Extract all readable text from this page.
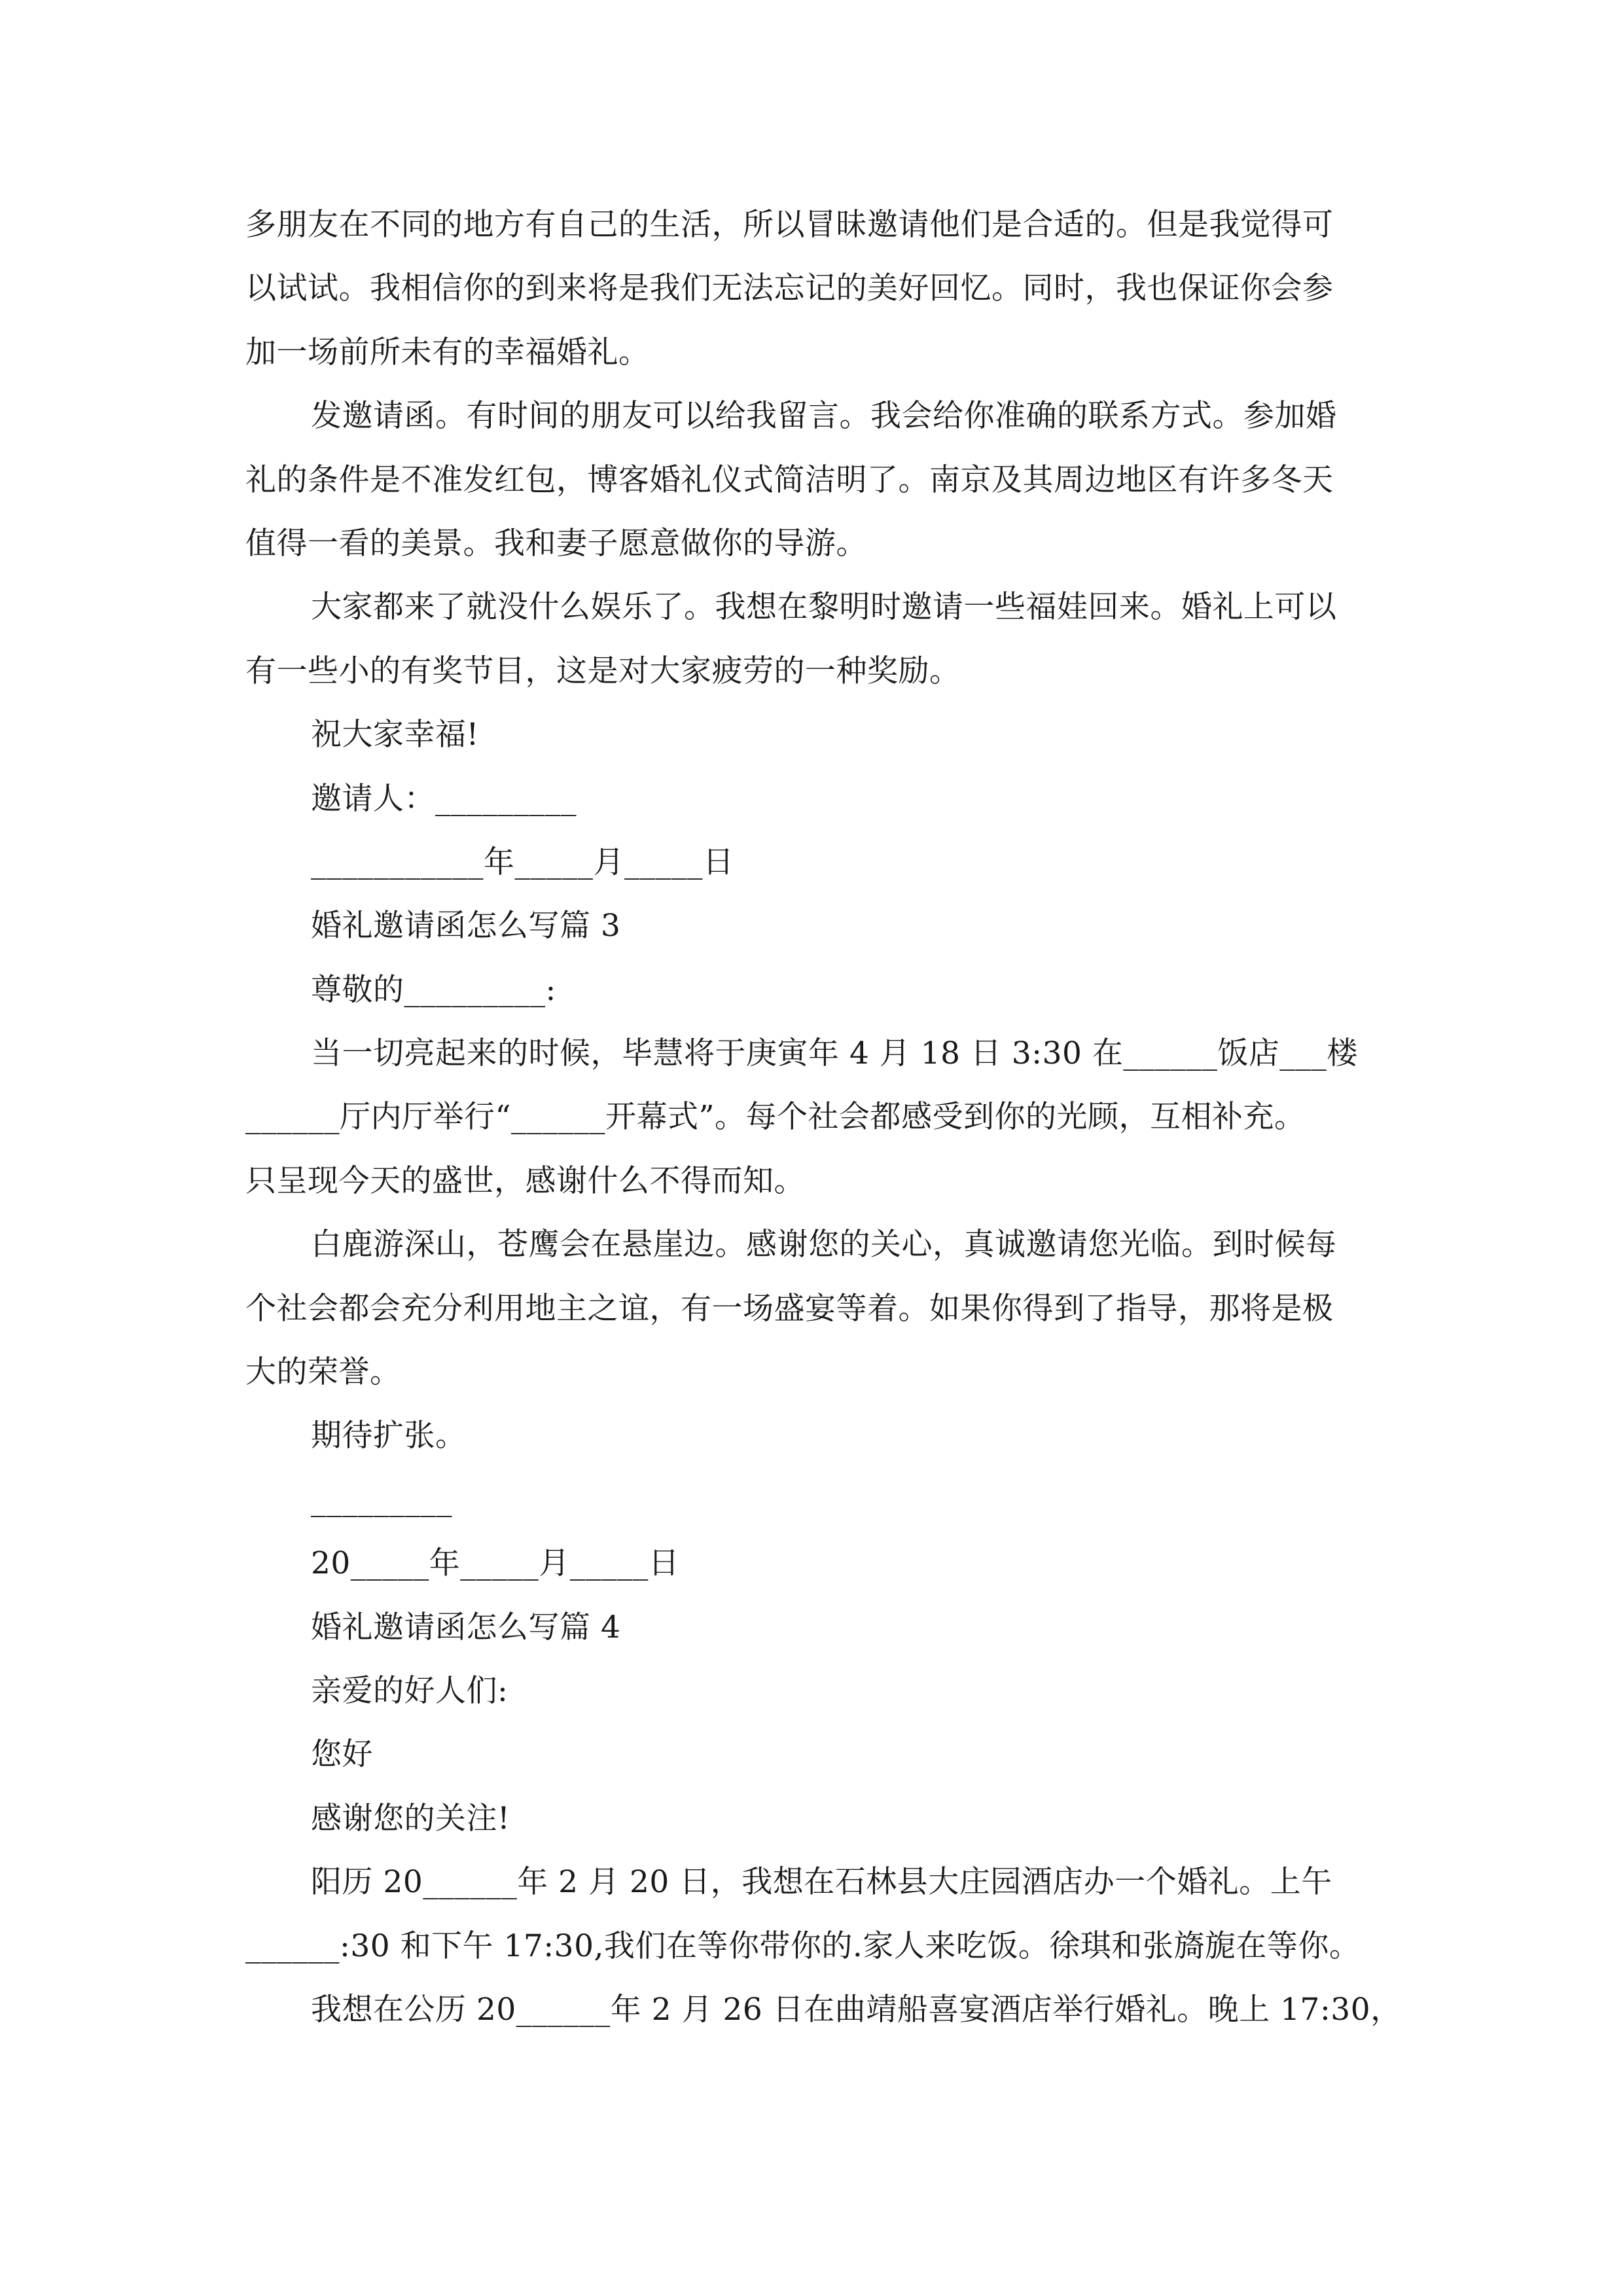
多朋友在不同的地方有自己的生活，所以冒昧邀请他们是合适的。但是我觉得可
以试试。我相信你的到来将是我们无法忘记的美好回忆。同时，我也保证你会参
加一场前所未有的幸福婚礼。
发邀请函。有时间的朋友可以给我留言。我会给你准确的联系方式。参加婚
礼的条件是不准发红包，博客婚礼仪式简洁明了。南京及其周边地区有许多冬天
值得一看的美景。我和妻子愿意做你的导游。
大家都来了就没什么娱乐了。我想在黎明时邀请一些福娃回来。婚礼上可以
有一些小的有奖节目，这是对大家疲劳的一种奖励。
祝大家幸福!
邀请人：_________
___________年_____月_____日
婚礼邀请函怎么写篇 3
尊敬的_________:
当一切亮起来的时候，毕慧将于庚寅年 4 月 18 日 3:30 在______饭店___楼
______厅内厅举行“______开幕式”。每个社会都感受到你的光顾，互相补充。
只呈现今天的盛世，感谢什么不得而知。
白鹿游深山，苍鹰会在悬崖边。感谢您的关心，真诚邀请您光临。到时候每
个社会都会充分利用地主之谊，有一场盛宴等着。如果你得到了指导，那将是极
大的荣誉。
期待扩张。
_________
20_____年_____月_____日
婚礼邀请函怎么写篇 4
亲爱的好人们:
您好
感谢您的关注!
阳历 20______年 2 月 20 日，我想在石林县大庄园酒店办一个婚礼。上午
______:30 和下午 17:30,我们在等你带你的.家人来吃饭。徐琪和张旖旎在等你。
我想在公历 20______年 2 月 26 日在曲靖船喜宴酒店举行婚礼。晚上 17:30，
